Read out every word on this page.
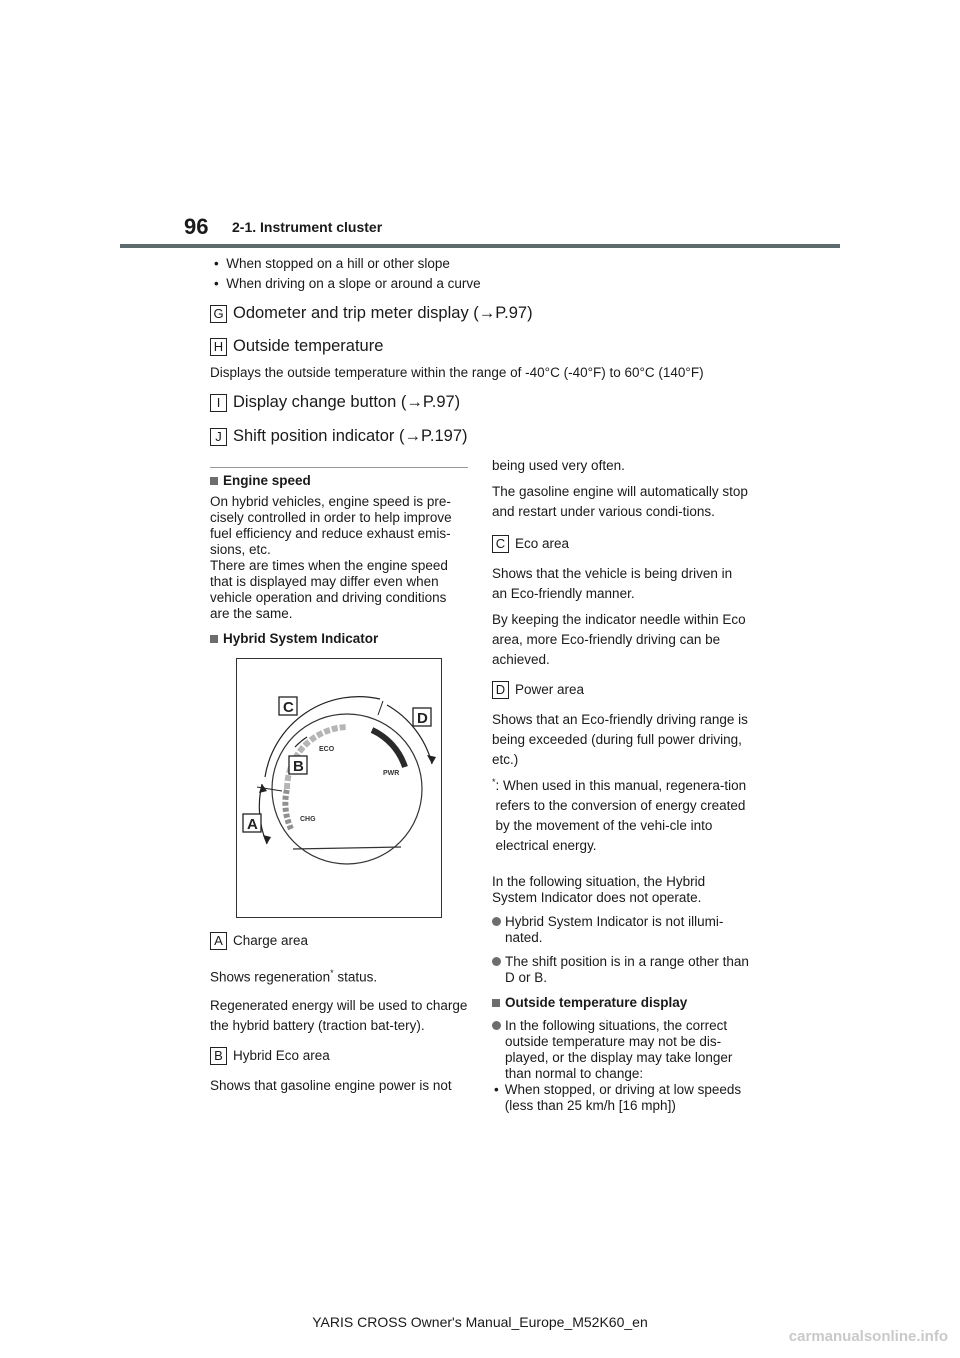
96 2-1. Instrument cluster
•  When stopped on a hill or other slope
•  When driving on a slope or around a curve
G Odometer and trip meter display (→P.97)
H Outside temperature
Displays the outside temperature within the range of -40°C (-40°F) to 60°C (140°F)
I Display change button (→P.97)
J Shift position indicator (→P.197)
Engine speed

On hybrid vehicles, engine speed is pre-cisely controlled in order to help improve fuel efficiency and reduce exhaust emis-sions, etc.

There are times when the engine speed that is displayed may differ even when vehicle operation and driving conditions are the same.

Hybrid System Indicator
ECO
PWR
CHG
C
D
B
A
A Charge area

Shows regeneration* status.

Regenerated energy will be used to charge the hybrid battery (traction bat-tery).

B Hybrid Eco area

Shows that gasoline engine power is not

being used very often.

The gasoline engine will automatically stop and restart under various condi-tions.

C Eco area

Shows that the vehicle is being driven in an Eco-friendly manner.

By keeping the indicator needle within Eco area, more Eco-friendly driving can be achieved.

D Power area

Shows that an Eco-friendly driving range is being exceeded (during full power driving, etc.)

* : When used in this manual, regenera-tion refers to the conversion of energy created by the movement of the vehi-cle into electrical energy.

In the following situation, the Hybrid System Indicator does not operate.

Hybrid System Indicator is not illumi-nated.
The shift position is in a range other than D or B.
Outside temperature display
In the following situations, the correct outside temperature may not be dis-played, or the display may take longer than normal to change:
• When stopped, or driving at low speeds (less than 25 km/h [16 mph])
YARIS CROSS Owner's Manual_Europe_M52K60_en
carmanualsonline.info
